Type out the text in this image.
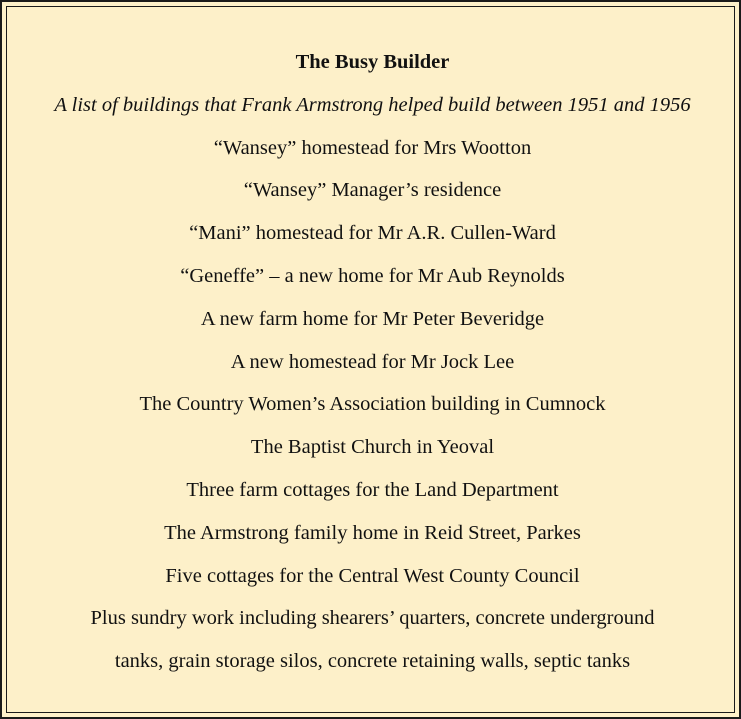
The Busy Builder
A list of buildings that Frank Armstrong helped build between 1951 and 1956
“Wansey” homestead for Mrs Wootton
“Wansey” Manager’s residence
“Mani” homestead for Mr A.R. Cullen-Ward
“Geneffe” – a new home for Mr Aub Reynolds
A new farm home for Mr Peter Beveridge
A new homestead for Mr Jock Lee
The Country Women’s Association building in Cumnock
The Baptist Church in Yeoval
Three farm cottages for the Land Department
The Armstrong family home in Reid Street, Parkes
Five cottages for the Central West County Council
Plus sundry work including shearers’ quarters, concrete underground
tanks, grain storage silos, concrete retaining walls, septic tanks
